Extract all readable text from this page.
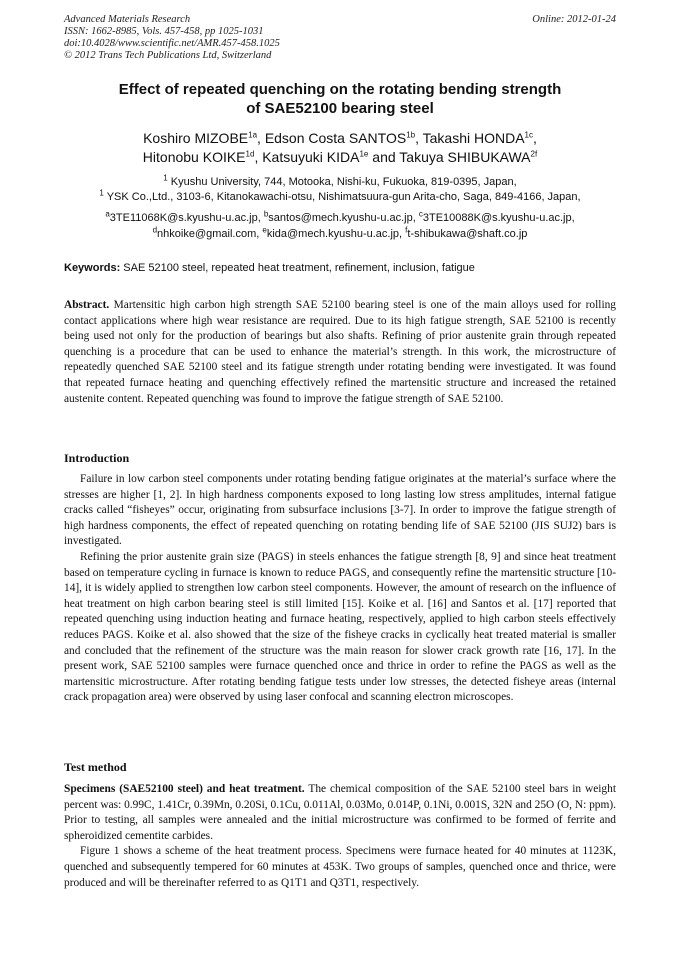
Advanced Materials Research
ISSN: 1662-8985, Vols. 457-458, pp 1025-1031
doi:10.4028/www.scientific.net/AMR.457-458.1025
© 2012 Trans Tech Publications Ltd, Switzerland
Online: 2012-01-24
Effect of repeated quenching on the rotating bending strength
of SAE52100 bearing steel
Koshiro $MIZOBE^{1a}$, Edson Costa $SANTOS^{1b}$, Takashi $HONDA^{1c}$,
Hitonobu $KOIKE^{1d}$, Katsuyuki $KIDA^{1e}$ and Takuya $SHIBUKAWA^{2f}$
$^1$ Kyushu University, 744, Motooka, Nishi-ku, Fukuoka, 819-0395, Japan,
$^1$ YSK Co.,Ltd., 3103-6, Kitanokawachi-otsu, Nishimatsuura-gun Arita-cho, Saga, 849-4166, Japan,
$^a$3TE11068K@s.kyushu-u.ac.jp, $^b$santos@mech.kyushu-u.ac.jp, $^c$3TE10088K@s.kyushu-u.ac.jp,
$^d$nhkoike@gmail.com, $^e$kida@mech.kyushu-u.ac.jp, $^f$t-shibukawa@shaft.co.jp
Keywords: SAE 52100 steel, repeated heat treatment, refinement, inclusion, fatigue
Abstract. Martensitic high carbon high strength SAE 52100 bearing steel is one of the main alloys used for rolling contact applications where high wear resistance are required. Due to its high fatigue strength, SAE 52100 is recently being used not only for the production of bearings but also shafts. Refining of prior austenite grain through repeated quenching is a procedure that can be used to enhance the material’s strength. In this work, the microstructure of repeatedly quenched SAE 52100 steel and its fatigue strength under rotating bending were investigated. It was found that repeated furnace heating and quenching effectively refined the martensitic structure and increased the retained austenite content. Repeated quenching was found to improve the fatigue strength of SAE 52100.
Introduction

Failure in low carbon steel components under rotating bending fatigue originates at the material’s surface where the stresses are higher [1, 2]. In high hardness components exposed to long lasting low stress amplitudes, internal fatigue cracks called “fisheyes” occur, originating from subsurface inclusions [3-7]. In order to improve the fatigue strength of high hardness components, the effect of repeated quenching on rotating bending life of SAE 52100 (JIS SUJ2) bars is investigated.

Refining the prior austenite grain size (PAGS) in steels enhances the fatigue strength [8, 9] and since heat treatment based on temperature cycling in furnace is known to reduce PAGS, and consequently refine the martensitic structure [10-14], it is widely applied to strengthen low carbon steel components. However, the amount of research on the influence of heat treatment on high carbon bearing steel is still limited [15]. Koike et al. [16] and Santos et al. [17] reported that repeated quenching using induction heating and furnace heating, respectively, applied to high carbon steels effectively reduces PAGS. Koike et al. also showed that the size of the fisheye cracks in cyclically heat treated material is smaller and concluded that the refinement of the structure was the main reason for slower crack growth rate [16, 17]. In the present work, SAE 52100 samples were furnace quenched once and thrice in order to refine the PAGS as well as the martensitic microstructure. After rotating bending fatigue tests under low stresses, the detected fisheye areas (internal crack propagation area) were observed by using laser confocal and scanning electron microscopes.

Test method

Specimens (SAE52100 steel) and heat treatment. The chemical composition of the SAE 52100 steel bars in weight percent was: 0.99C, 1.41Cr, 0.39Mn, 0.20Si, 0.1Cu, 0.011Al, 0.03Mo, 0.014P, 0.1Ni, 0.001S, 32N and 25O (O, N: ppm). Prior to testing, all samples were annealed and the initial microstructure was confirmed to be formed of ferrite and spheroidized cementite carbides.

Figure 1 shows a scheme of the heat treatment process. Specimens were furnace heated for 40 minutes at 1123K, quenched and subsequently tempered for 60 minutes at 453K. Two groups of samples, quenched once and thrice, were produced and will be thereinafter referred to as Q1T1 and Q3T1, respectively.
